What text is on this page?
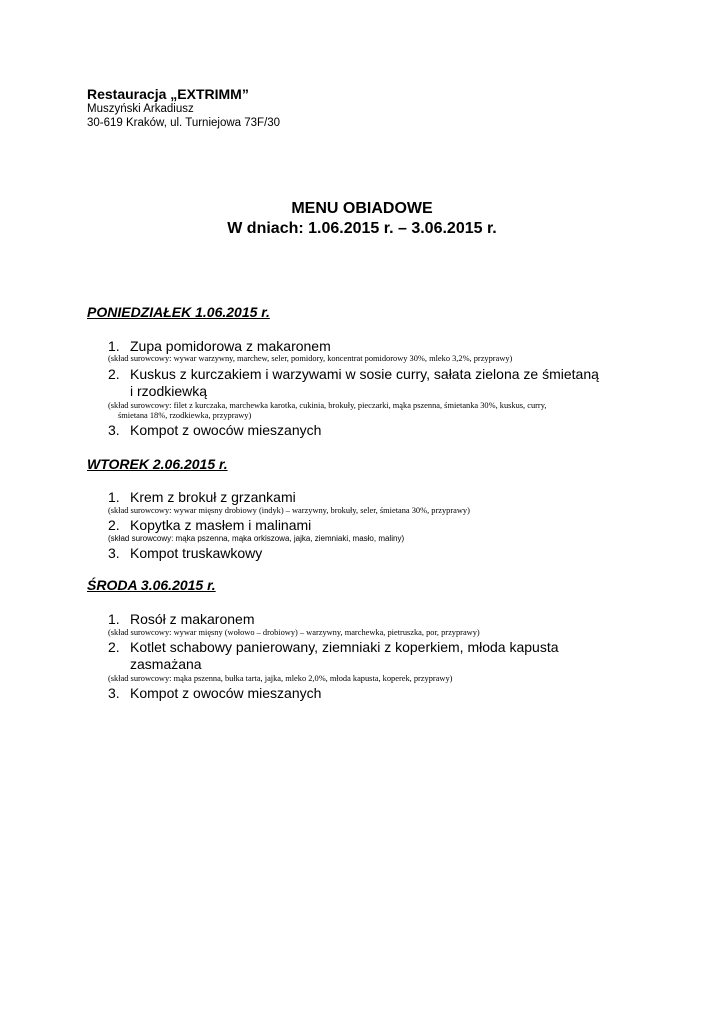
Restauracja „EXTRIMM”
Muszyński Arkadiusz
30-619 Kraków, ul. Turniejowa 73F/30
MENU OBIADOWE
W dniach: 1.06.2015 r. – 3.06.2015 r.
PONIEDZIAŁEK 1.06.2015 r.
1. Zupa pomidorowa z makaronem
(skład surowcowy: wywar warzywny, marchew, seler, pomidory, koncentrat pomidorowy 30%, mleko 3,2%, przyprawy)
2. Kuskus z kurczakiem i warzywami w sosie curry, sałata zielona ze śmietaną
i rzodkiewką
(skład surowcowy: filet z kurczaka, marchewka karotka, cukinia, brokuły, pieczarki, mąka pszenna, śmietanka 30%, kuskus, curry,
śmietana 18%, rzodkiewka, przyprawy)
3. Kompot z owoców mieszanych
WTOREK 2.06.2015 r.
1. Krem z brokuł z grzankami
(skład surowcowy: wywar mięsny drobiowy (indyk) – warzywny, brokuły, seler, śmietana 30%, przyprawy)
2. Kopytka z masłem i malinami
(skład surowcowy: mąka pszenna, mąka orkiszowa, jajka, ziemniaki, masło, maliny)
3. Kompot truskawkowy
ŚRODA 3.06.2015 r.
1. Rosół z makaronem
(skład surowcowy: wywar mięsny (wołowo – drobiowy) – warzywny, marchewka, pietruszka, por, przyprawy)
2. Kotlet schabowy panierowany, ziemniaki z koperkiem, młoda kapusta
zasmażana
(skład surowcowy: mąka pszenna, bułka tarta, jajka, mleko 2,0%, młoda kapusta, koperek, przyprawy)
3. Kompot z owoców mieszanych
